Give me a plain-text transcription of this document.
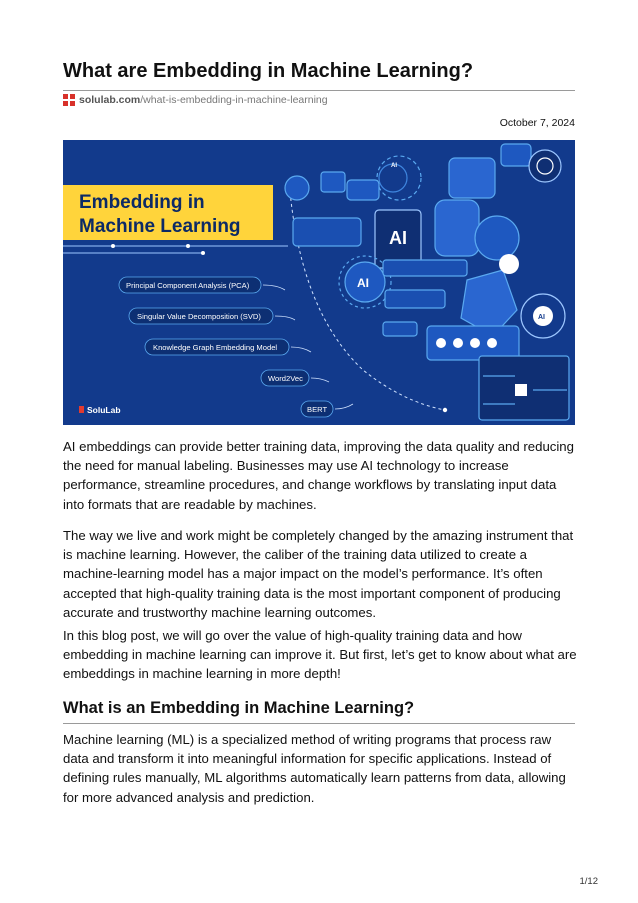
What are Embedding in Machine Learning?
solulab.com/what-is-embedding-in-machine-learning
October 7, 2024
Embedding in
Machine Learning
Principal Component Analysis (PCA)
Singular Value Decomposition (SVD)
Knowledge Graph Embedding Model
Word2Vec
BERT
SoluLab
AI
AI
AI
AI

AI embeddings can provide better training data, improving the data quality and reducing the need for manual labeling. Businesses may use AI technology to increase performance, streamline procedures, and change workflows by translating input data into formats that are readable by machines.

The way we live and work might be completely changed by the amazing instrument that is machine learning. However, the caliber of the training data utilized to create a machine-learning model has a major impact on the model’s performance. It’s often accepted that high-quality training data is the most important component of producing accurate and trustworthy machine learning outcomes.

In this blog post, we will go over the value of high-quality training data and how embedding in machine learning can improve it. But first, let’s get to know about what are embeddings in machine learning in more depth!

What is an Embedding in Machine Learning?

Machine learning (ML) is a specialized method of writing programs that process raw data and transform it into meaningful information for specific applications. Instead of defining rules manually, ML algorithms automatically learn patterns from data, allowing for more advanced analysis and prediction.

1/12
